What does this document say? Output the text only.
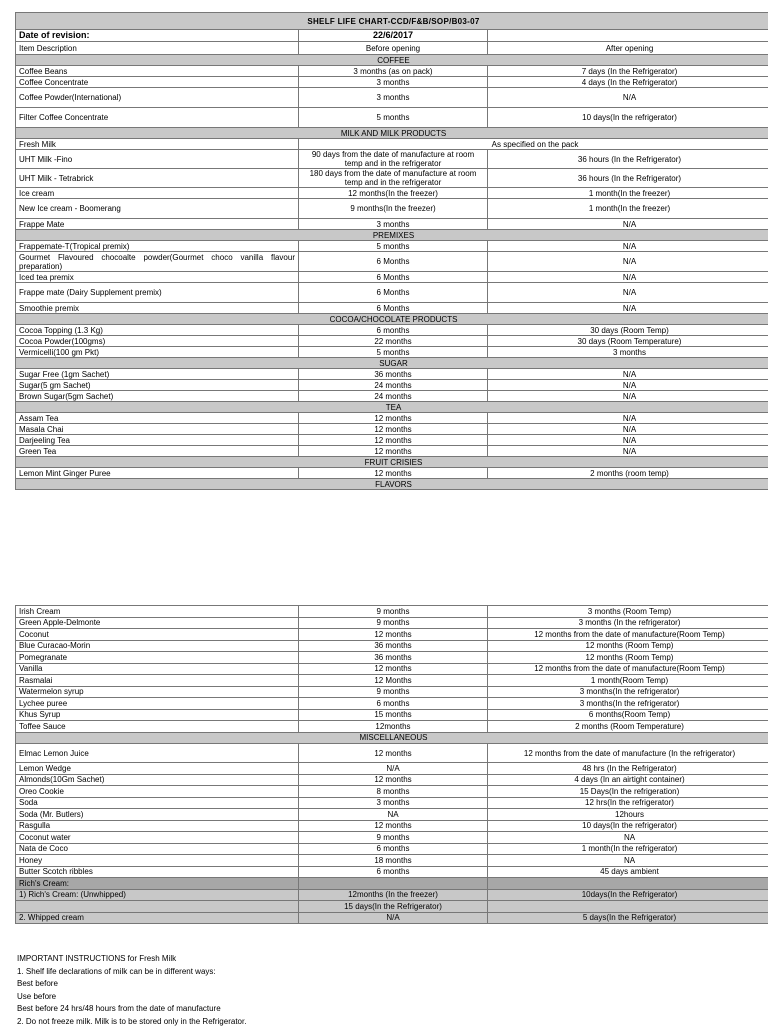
SHELF LIFE CHART-CCD/F&B/SOP/B03-07		
Date of revision:	22/6/2017	
Item Description	Before opening	After opening
COFFEE		
Coffee Beans	3 months (as on pack)	7 days (In the Refrigerator)
Coffee Concentrate	3 months	4 days (In the Refrigerator)
Coffee Powder(International)	3 months	N/A
Filter Coffee Concentrate	5 months	10 days(In the refrigerator)
MILK AND MILK PRODUCTS		
Fresh Milk	As specified on the pack	
UHT Milk -Fino	90 days from the date of manufacture at room temp and in the refrigerator	36 hours (In the Refrigerator)
UHT Milk - Tetrabrick	180 days from the date of manufacture at room temp and in the refrigerator	36 hours (In the Refrigerator)
Ice cream	12 months(In the freezer)	1 month(In the freezer)
New Ice cream - Boomerang	9 months(In the freezer)	1 month(In the freezer)
Frappe Mate	3 months	N/A
PREMIXES		
Frappemate-T(Tropical premix)	5 months	N/A
Gourmet Flavoured chocoalte powder(Gourmet choco vanilla flavour preparation)	6 Months	N/A
Iced tea premix	6 Months	N/A
Frappe mate (Dairy Supplement premix)	6 Months	N/A
Smoothie premix	6 Months	N/A
COCOA/CHOCOLATE PRODUCTS		
Cocoa Topping (1.3 Kg)	6 months	30 days (Room Temp)
Cocoa Powder(100gms)	22 months	30 days (Room Temperature)
Vermicelli(100 gm Pkt)	5 months	3 months
SUGAR		
Sugar Free (1gm Sachet)	36 months	N/A
Sugar(5 gm Sachet)	24 months	N/A
Brown Sugar(5gm Sachet)	24 months	N/A
TEA		
Assam Tea	12 months	N/A
Masala Chai	12 months	N/A
Darjeeling Tea	12 months	N/A
Green Tea	12 months	N/A
FRUIT CRISIES		
Lemon Mint Ginger Puree	12 months	2 months (room temp)
FLAVORS		
Irish Cream	9 months	3 months (Room Temp)
Green Apple-Delmonte	9 months	3 months (In the refrigerator)
Coconut	12 months	12 months from the date of manufacture(Room Temp)
Blue Curacao-Morin	36 months	12 months (Room Temp)
Pomegranate	36 months	12 months (Room Temp)
Vanilla	12 months	12 months from the date of manufacture(Room Temp)
Rasmalai	12 Months	1 month(Room Temp)
Watermelon syrup	9 months	3 months(In the refrigerator)
Lychee puree	6 months	3 months(In the refrigerator)
Khus Syrup	15 months	6 months(Room Temp)
Toffee Sauce	12months	2 months (Room Temperature)
MISCELLANEOUS		
Elmac Lemon Juice	12 months	12 months from the date of manufacture (In the refrigerator)
Lemon Wedge	N/A	48 hrs (In the Refrigerator)
Almonds(10Gm Sachet)	12 months	4 days (In an airtight container)
Oreo Cookie	8 months	15 Days(In the refrigeration)
Soda	3 months	12 hrs(In the refrigerator)
Soda (Mr. Butlers)	NA	12hours
Rasgulla	12 months	10 days(In the refrigerator)
Coconut water	9 months	NA
Nata de Coco	6 months	1 month(In the refrigerator)
Honey	18 months	NA
Butter Scotch ribbles	6 months	45 days ambient
Rich's Cream:		
1) Rich's Cream: (Unwhipped)	12months (In the freezer)	10days(In the Refrigerator)
	15 days(In the Refrigerator)	
2. Whipped cream	N/A	5 days(In the Refrigerator)
IMPORTANT INSTRUCTIONS for Fresh Milk
1. Shelf life declarations of milk can be in different ways:
Best before
Use before
Best before 24 hrs/48 hours from the date of manufacture
2. Do not freeze milk. Milk is to be stored only in the Refrigerator.
